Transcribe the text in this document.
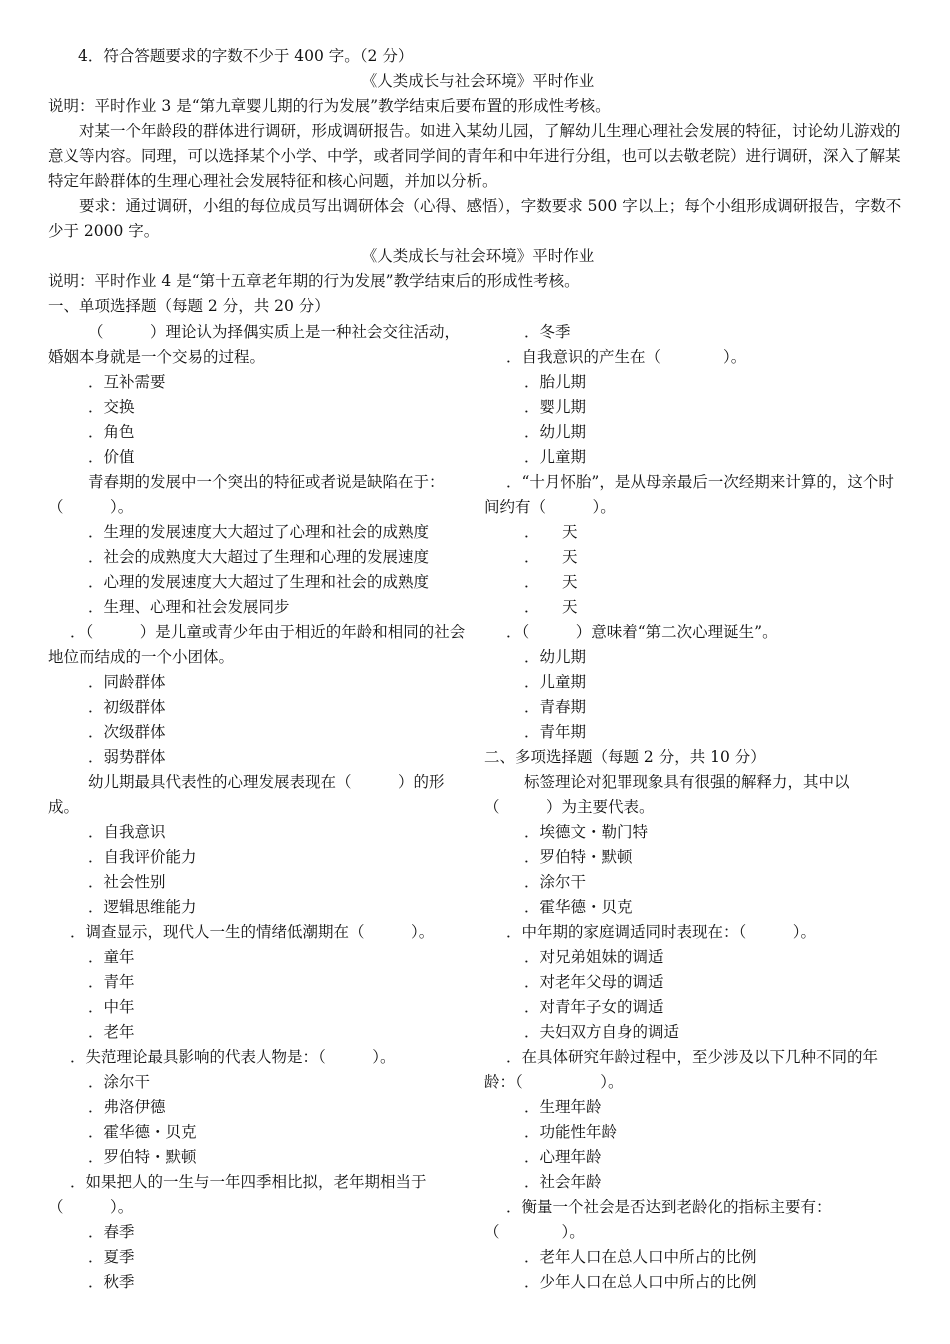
4．符合答题要求的字数不少于 400 字。（2 分）

《人类成长与社会环境》平时作业

说明：平时作业 3 是“第九章婴儿期的行为发展”教学结束后要布置的形成性考核。

对某一个年龄段的群体进行调研，形成调研报告。如进入某幼儿园，了解幼儿生理心理社会发展的特征，讨论幼儿游戏的意义等内容。同理，可以选择某个小学、中学，或者同学间的青年和中年进行分组，也可以去敬老院）进行调研，深入了解某特定年龄群体的生理心理社会发展特征和核心问题，并加以分析。

要求：通过调研，小组的每位成员写出调研体会（心得、感悟），字数要求 500 字以上；每个小组形成调研报告，字数不少于 2000 字。

《人类成长与社会环境》平时作业

说明：平时作业 4 是“第十五章老年期的行为发展”教学结束后的形成性考核。

一、单项选择题（每题 2 分，共 20 分）

（　　　）理论认为择偶实质上是一种社会交往活动，婚姻本身就是一个交易的过程。

．互补需要

．交换

．角色

．价值

青春期的发展中一个突出的特征或者说是缺陷在于：（　　　）。

．生理的发展速度大大超过了心理和社会的成熟度

．社会的成熟度大大超过了生理和心理的发展速度

．心理的发展速度大大超过了生理和社会的成熟度

．生理、心理和社会发展同步

．（　　　）是儿童或青少年由于相近的年龄和相同的社会地位而结成的一个小团体。

．同龄群体

．初级群体

．次级群体

．弱势群体

幼儿期最具代表性的心理发展表现在（　　　）的形成。

．自我意识

．自我评价能力

．社会性别

．逻辑思维能力

．调查显示，现代人一生的情绪低潮期在（　　　）。

．童年

．青年

．中年

．老年

．失范理论最具影响的代表人物是：（　　　）。

．涂尔干

．弗洛伊德

．霍华德・贝克

．罗伯特・默顿

．如果把人的一生与一年四季相比拟，老年期相当于（　　　）。

．春季

．夏季

．秋季

．冬季

．自我意识的产生在（　　　　）。

．胎儿期

．婴儿期

．幼儿期

．儿童期

．“十月怀胎”，是从母亲最后一次经期来计算的，这个时间约有（　　　）。

． 天

． 天

． 天

． 天

．（　　　）意味着“第二次心理诞生”。

．幼儿期

．儿童期

．青春期

．青年期

二、多项选择题（每题 2 分，共 10 分）

标签理论对犯罪现象具有很强的解释力，其中以（　　　）为主要代表。

．埃德文・勒门特

．罗伯特・默顿

．涂尔干

．霍华德・贝克

．中年期的家庭调适同时表现在：（　　　）。

．对兄弟姐妹的调适

．对老年父母的调适

．对青年子女的调适

．夫妇双方自身的调适

．在具体研究年龄过程中，至少涉及以下几种不同的年龄：（　　　　　）。

．生理年龄

．功能性年龄

．心理年龄

．社会年龄

．衡量一个社会是否达到老龄化的指标主要有：（　　　　）。

．老年人口在总人口中所占的比例

．少年人口在总人口中所占的比例
